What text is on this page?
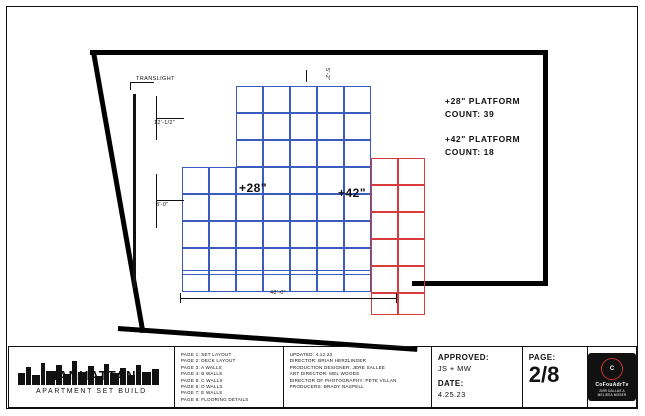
TRANSLIGHT
+28"	+42"
12'-1/2"
8'-0"
48'-0"
5'-2"
+28" PLATFORM
COUNT: 39
+42" PLATFORM
COUNT: 18
MANHATTAN
APARTMENT SET BUILD
PAGE 1: SET LAYOUT
PAGE 2: DECK LAYOUT
PAGE 3: A WALLS
PAGE 4: B WALLS
PAGE 5: C WALLS
PAGE 6: D WALLS
PAGE 7: E WALLS
PAGE 8: FLOORING DETAILS
UPDATED: 4.12.23
DIRECTOR: BRIAN HERZLINGER
PRODUCTION DESIGNER: JERE SALLEE
ART DIRECTOR: MEL WOODS
DIRECTOR OF PHOTOGRAPHY: PETE VILLAN
PRODUCERS: BRADY NASPELL
APPROVED:
JS + MW
DATE:
4.25.23
PAGE:
2/8	C
CoFouAdrTv
2099 DALLAS A
MELISSA MOSER
